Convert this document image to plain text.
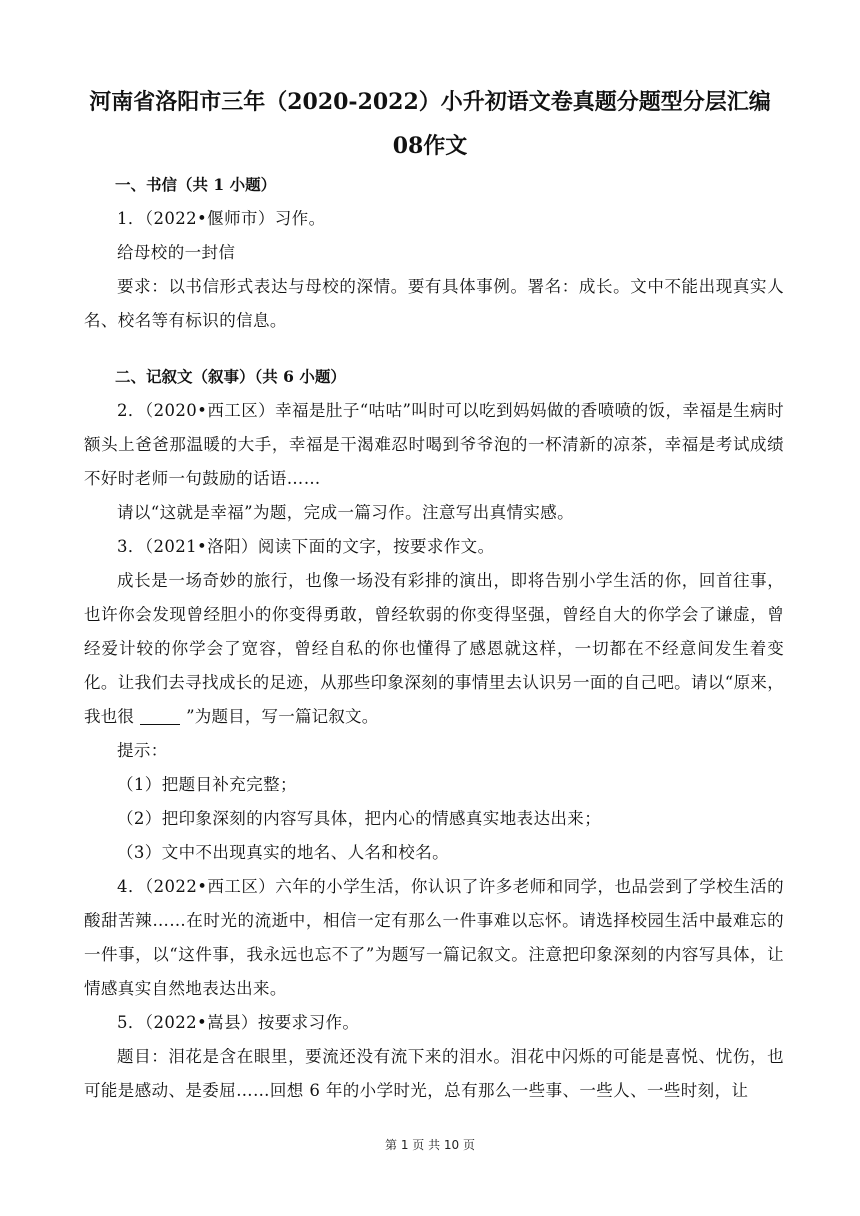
河南省洛阳市三年（2020-2022）小升初语文卷真题分题型分层汇编
08作文

一、书信（共 1 小题）

1．（2022•偃师市）习作。

给母校的一封信

要求：以书信形式表达与母校的深情。要有具体事例。署名：成长。文中不能出现真实人名、校名等有标识的信息。

二、记叙文（叙事）（共 6 小题）

2．（2020•西工区）幸福是肚子“咕咕”叫时可以吃到妈妈做的香喷喷的饭，幸福是生病时额头上爸爸那温暖的大手，幸福是干渴难忍时喝到爷爷泡的一杯清新的凉茶，幸福是考试成绩不好时老师一句鼓励的话语……

请以“这就是幸福”为题，完成一篇习作。注意写出真情实感。

3．（2021•洛阳）阅读下面的文字，按要求作文。

成长是一场奇妙的旅行，也像一场没有彩排的演出，即将告别小学生活的你，回首往事，也许你会发现曾经胆小的你变得勇敢，曾经软弱的你变得坚强，曾经自大的你学会了谦虚，曾经爱计较的你学会了宽容，曾经自私的你也懂得了感恩就这样，一切都在不经意间发生着变化。让我们去寻找成长的足迹，从那些印象深刻的事情里去认识另一面的自己吧。请以“原来，我也很	”为题目，写一篇记叙文。

提示：

（1）把题目补充完整；

（2）把印象深刻的内容写具体，把内心的情感真实地表达出来；

（3）文中不出现真实的地名、人名和校名。

4．（2022•西工区）六年的小学生活，你认识了许多老师和同学，也品尝到了学校生活的酸甜苦辣……在时光的流逝中，相信一定有那么一件事难以忘怀。请选择校园生活中最难忘的一件事，以“这件事，我永远也忘不了”为题写一篇记叙文。注意把印象深刻的内容写具体，让情感真实自然地表达出来。

5．（2022•嵩县）按要求习作。

题目：泪花是含在眼里，要流还没有流下来的泪水。泪花中闪烁的可能是喜悦、忧伤，也可能是感动、是委屈……回想 6 年的小学时光，总有那么一些事、一些人、一些时刻，让

第 1 页 共 10 页
